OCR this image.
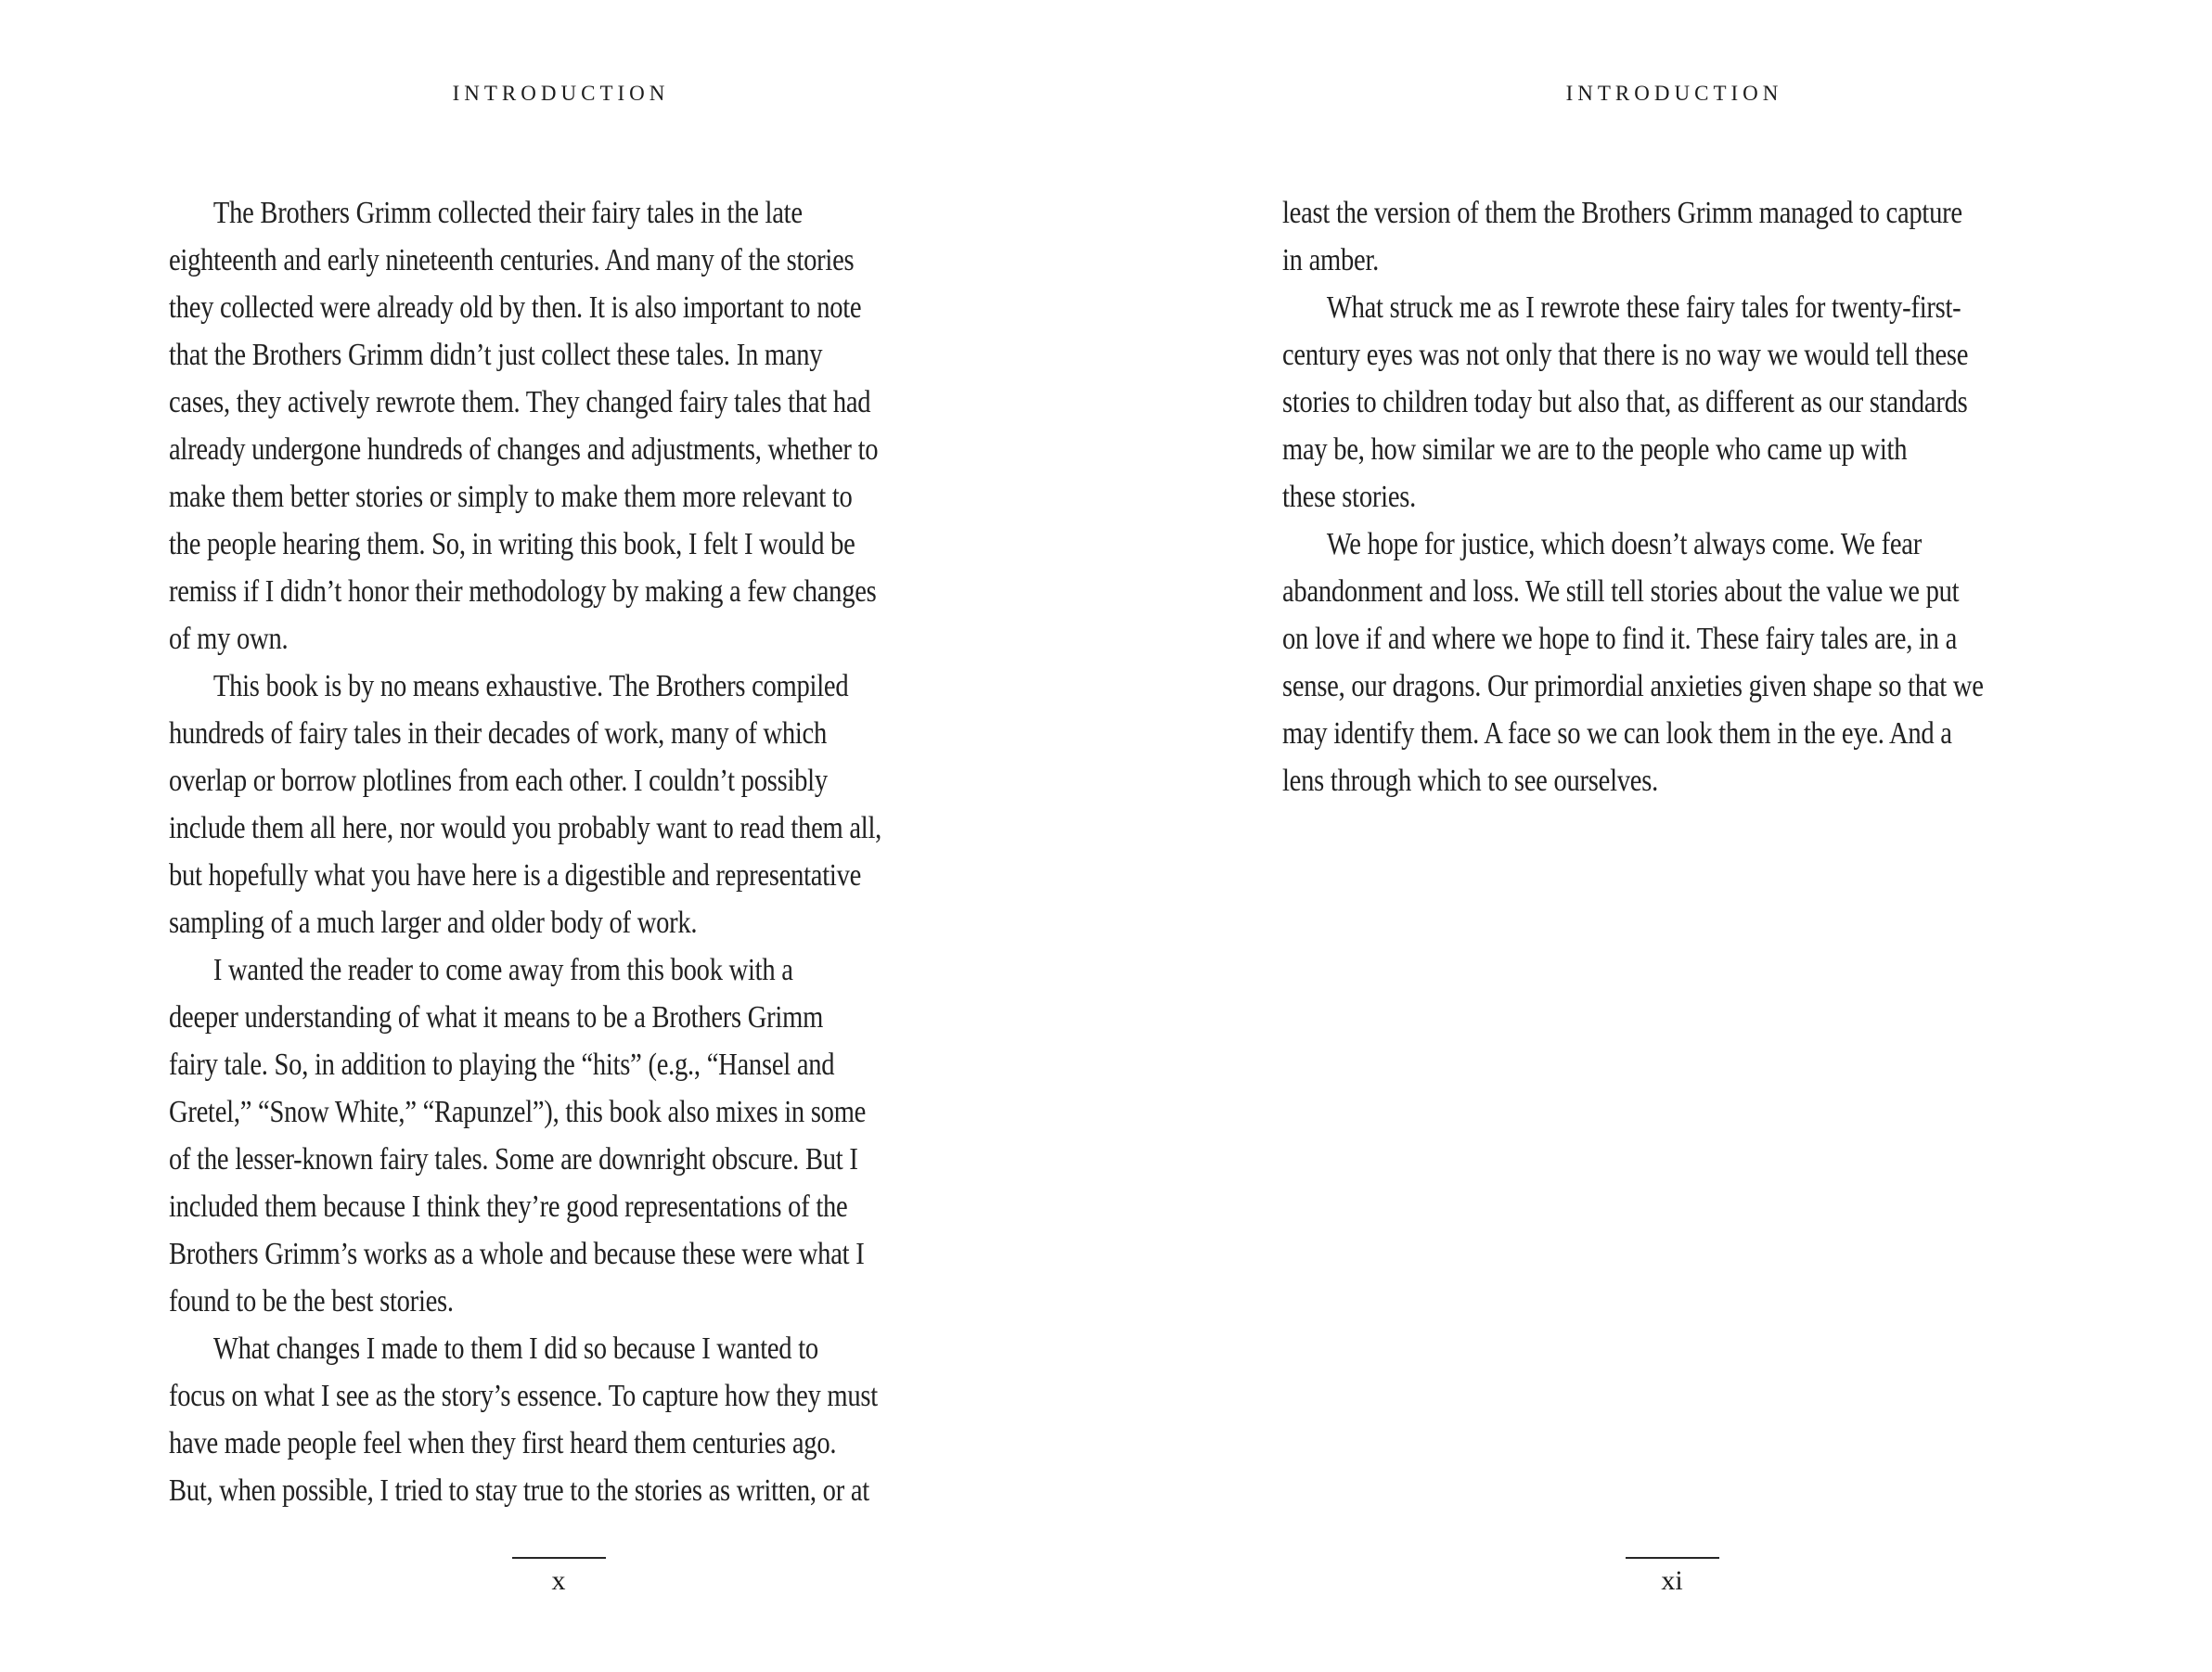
INTRODUCTION
The Brothers Grimm collected their fairy tales in the late
eighteenth and early nineteenth centuries. And many of the stories
they collected were already old by then. It is also important to note
that the Brothers Grimm didn’t just collect these tales. In many
cases, they actively rewrote them. They changed fairy tales that had
already undergone hundreds of changes and adjustments, whether to
make them better stories or simply to make them more relevant to
the people hearing them. So, in writing this book, I felt I would be
remiss if I didn’t honor their methodology by making a few changes
of my own.
This book is by no means exhaustive. The Brothers compiled
hundreds of fairy tales in their decades of work, many of which
overlap or borrow plotlines from each other. I couldn’t possibly
include them all here, nor would you probably want to read them all,
but hopefully what you have here is a digestible and representative
sampling of a much larger and older body of work.
I wanted the reader to come away from this book with a
deeper understanding of what it means to be a Brothers Grimm
fairy tale. So, in addition to playing the “hits” (e.g., “Hansel and
Gretel,” “Snow White,” “Rapunzel”), this book also mixes in some
of the lesser-known fairy tales. Some are downright obscure. But I
included them because I think they’re good representations of the
Brothers Grimm’s works as a whole and because these were what I
found to be the best stories.
What changes I made to them I did so because I wanted to
focus on what I see as the story’s essence. To capture how they must
have made people feel when they first heard them centuries ago.
But, when possible, I tried to stay true to the stories as written, or at
x
INTRODUCTION
least the version of them the Brothers Grimm managed to capture
in amber.
What struck me as I rewrote these fairy tales for twenty-first-
century eyes was not only that there is no way we would tell these
stories to children today but also that, as different as our standards
may be, how similar we are to the people who came up with
these stories.
We hope for justice, which doesn’t always come. We fear
abandonment and loss. We still tell stories about the value we put
on love if and where we hope to find it. These fairy tales are, in a
sense, our dragons. Our primordial anxieties given shape so that we
may identify them. A face so we can look them in the eye. And a
lens through which to see ourselves.
xi
